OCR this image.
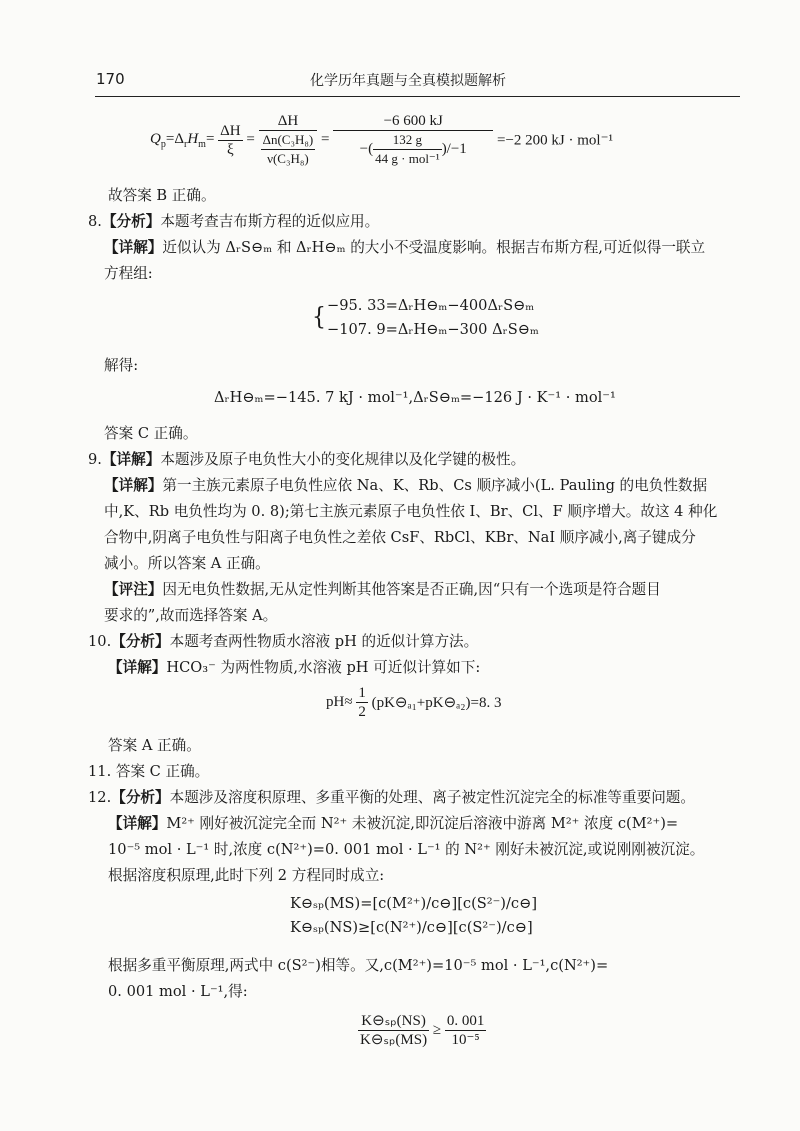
170	化学历年真题与全真模拟题解析
$Q_p=\Delta_rH_m= \frac{\Delta H}{\xi} = \frac{\Delta H}{\frac{\text{Δn(C₃H₈)}}{\text{ν(C₃H₈)}}} = \frac{-6 600 kJ}{-( \frac{132 g}{\text{44 g · mol⁻¹}} )/-1} =-2$ 200 kJ · mol⁻¹
故答案 B 正确。
8.【分析】本题考查吉布斯方程的近似应用。
【详解】近似认为 ΔᵣS⊖ₘ 和 ΔᵣH⊖ₘ 的大小不受温度影响。根据吉布斯方程,可近似得一联立
方程组:
{ −95. 33=ΔᵣH⊖ₘ−400ΔᵣS⊖ₘ
−107. 9=ΔᵣH⊖ₘ−300 ΔᵣS⊖ₘ
解得:
ΔᵣH⊖ₘ=−145. 7 kJ · mol⁻¹,ΔᵣS⊖ₘ=−126 J · K⁻¹ · mol⁻¹
答案 C 正确。
9.【详解】本题涉及原子电负性大小的变化规律以及化学键的极性。
【详解】第一主族元素原子电负性应依 Na、K、Rb、Cs 顺序减小(L. Pauling 的电负性数据
中,K、Rb 电负性均为 0. 8);第七主族元素原子电负性依 I、Br、Cl、F 顺序增大。故这 4 种化
合物中,阴离子电负性与阳离子电负性之差依 CsF、RbCl、KBr、NaI 顺序减小,离子键成分
减小。所以答案 A 正确。
【评注】因无电负性数据,无从定性判断其他答案是否正确,因“只有一个选项是符合题目
要求的”,故而选择答案 A。
10.【分析】本题考查两性物质水溶液 pH 的近似计算方法。
【详解】HCO₃⁻ 为两性物质,水溶液 pH 可近似计算如下:
$pH\approx \frac{1}{2}$ (pK⊖ₐ₁+pK⊖ₐ₂)=8. 3
答案 A 正确。
11. 答案 C 正确。
12.【分析】本题涉及溶度积原理、多重平衡的处理、离子被定性沉淀完全的标准等重要问题。
【详解】M²⁺ 刚好被沉淀完全而 N²⁺ 未被沉淀,即沉淀后溶液中游离 M²⁺ 浓度 c(M²⁺)=
10⁻⁵ mol · L⁻¹ 时,浓度 c(N²⁺)=0. 001 mol · L⁻¹ 的 N²⁺ 刚好未被沉淀,或说刚刚被沉淀。
根据溶度积原理,此时下列 2 方程同时成立:
K⊖ₛₚ(MS)=[c(M²⁺)/c⊖][c(S²⁻)/c⊖]
K⊖ₛₚ(NS)≥[c(N²⁺)/c⊖][c(S²⁻)/c⊖]
根据多重平衡原理,两式中 c(S²⁻)相等。又,c(M²⁺)=10⁻⁵ mol · L⁻¹,c(N²⁺)=
0. 001 mol · L⁻¹,得:
$\frac{\text{K⊖ₛₚ(NS)}}{\text{K⊖ₛₚ(MS)}} \ge \frac{0. 001}{\text{10⁻⁵}}$
